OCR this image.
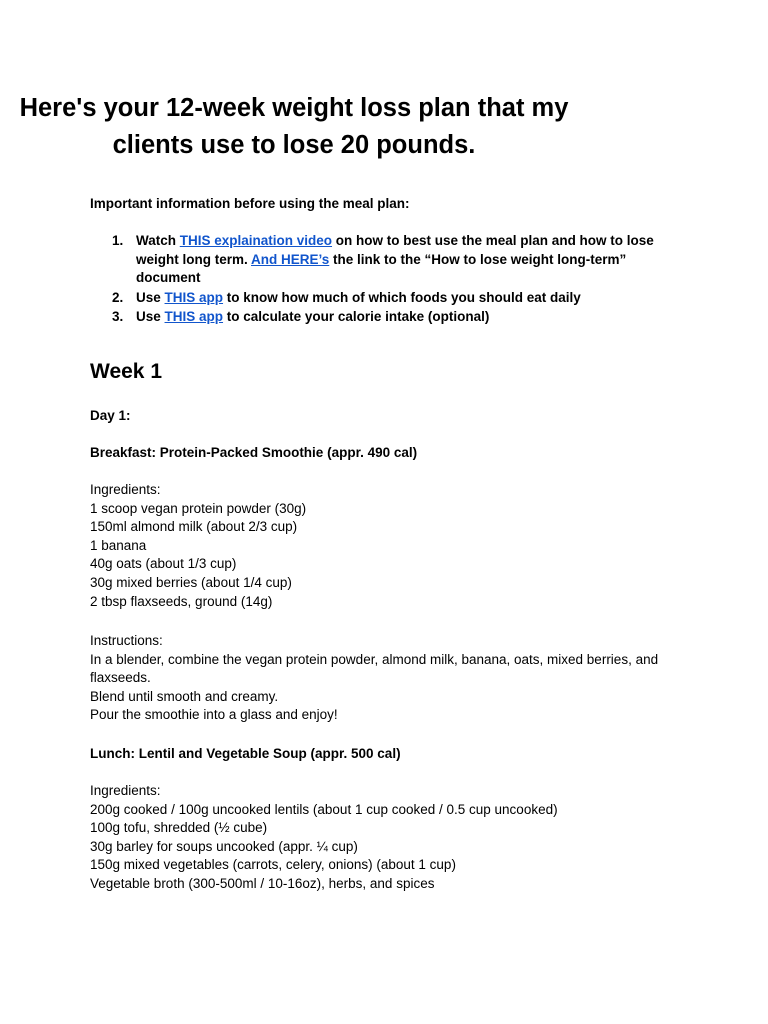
Here's your 12-week weight loss plan that my
clients use to lose 20 pounds.
Important information before using the meal plan:
1. Watch THIS explaination video on how to best use the meal plan and how to lose weight long term. And HERE’s the link to the “How to lose weight long-term” document
2. Use THIS app to know how much of which foods you should eat daily
3. Use THIS app to calculate your calorie intake (optional)
Week 1
Day 1:
Breakfast: Protein-Packed Smoothie (appr. 490 cal)
Ingredients:
1 scoop vegan protein powder (30g)
150ml almond milk (about 2/3 cup)
1 banana
40g oats (about 1/3 cup)
30g mixed berries (about 1/4 cup)
2 tbsp flaxseeds, ground (14g)
Instructions:
In a blender, combine the vegan protein powder, almond milk, banana, oats, mixed berries, and flaxseeds.
Blend until smooth and creamy.
Pour the smoothie into a glass and enjoy!
Lunch: Lentil and Vegetable Soup (appr. 500 cal)
Ingredients:
200g cooked / 100g uncooked lentils (about 1 cup cooked / 0.5 cup uncooked)
100g tofu, shredded (½ cube)
30g barley for soups uncooked (appr. ¼ cup)
150g mixed vegetables (carrots, celery, onions) (about 1 cup)
Vegetable broth (300-500ml / 10-16oz), herbs, and spices
